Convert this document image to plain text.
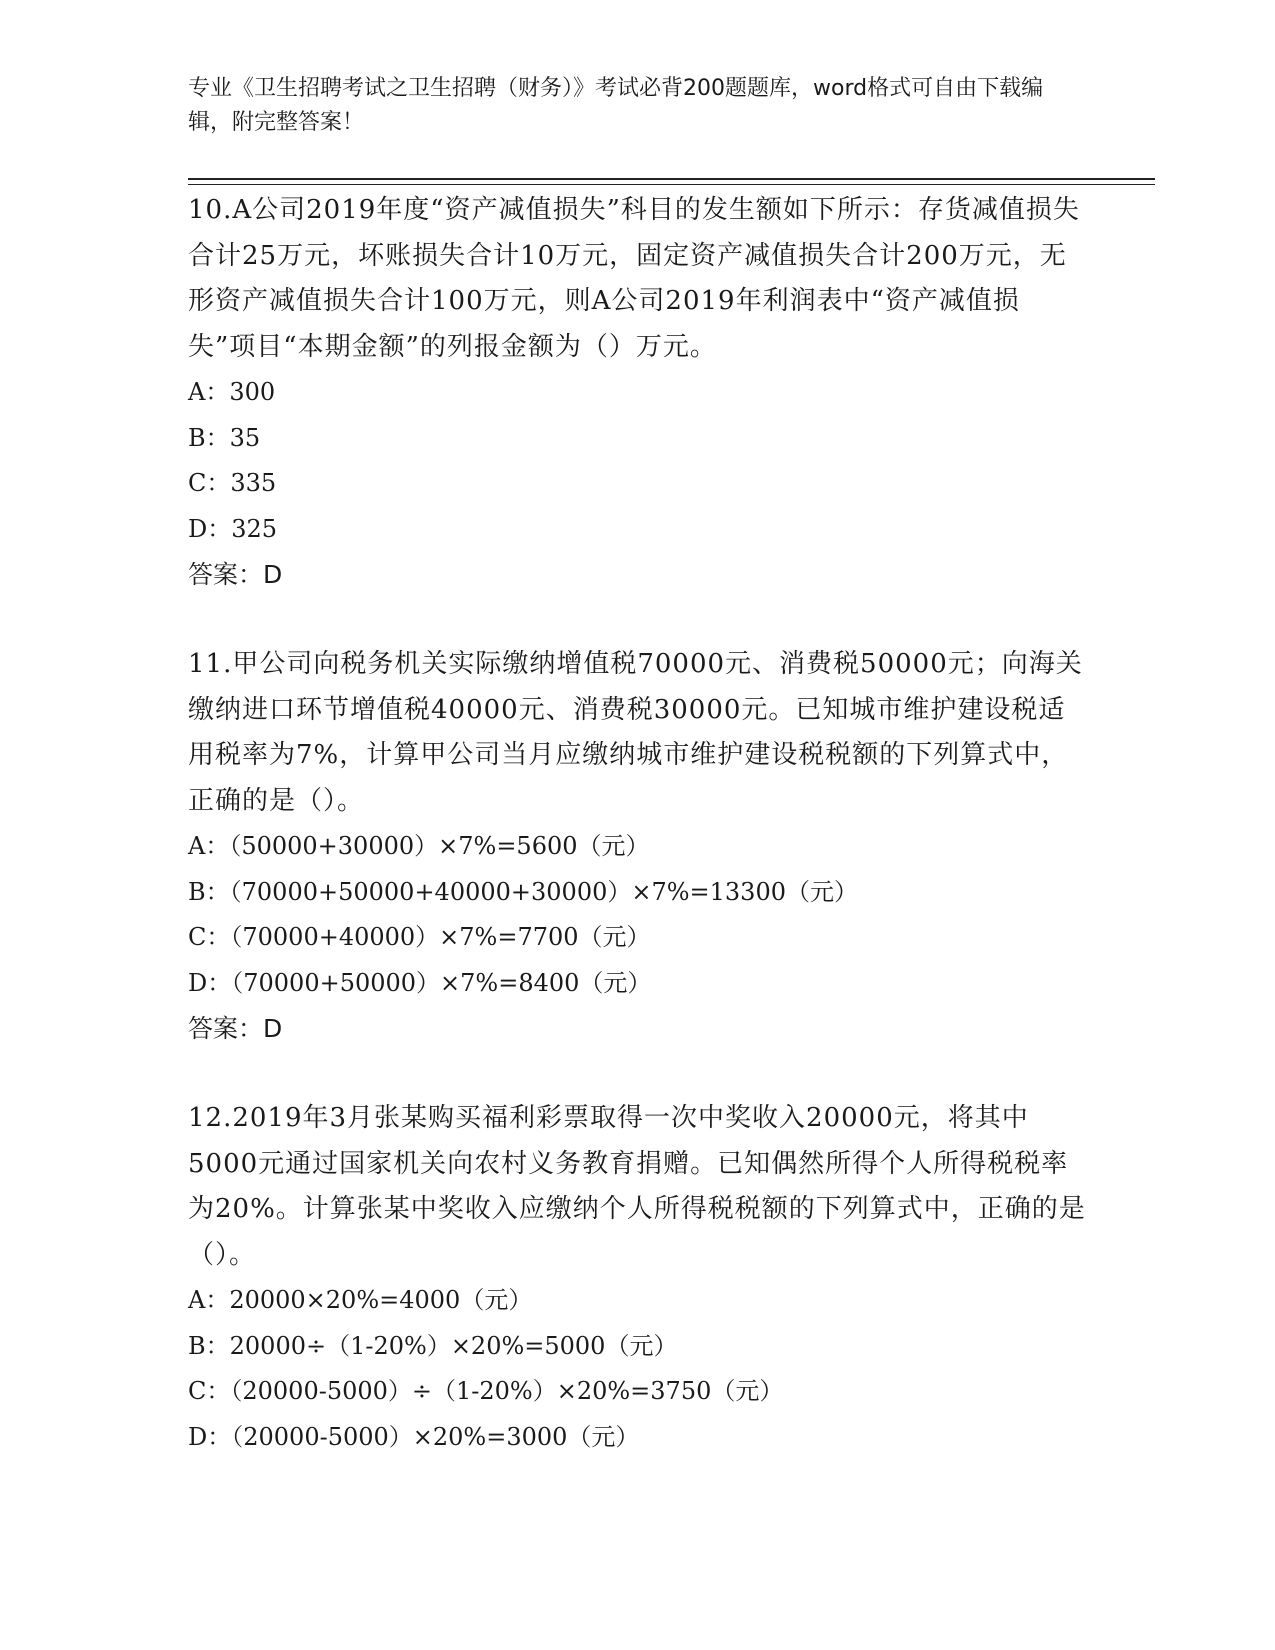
专业《卫生招聘考试之卫生招聘（财务）》考试必背200题题库，word格式可自由下载编辑，附完整答案！

10.A公司2019年度“资产减值损失”科目的发生额如下所示：存货减值损失合计25万元，坏账损失合计10万元，固定资产减值损失合计200万元，无形资产减值损失合计100万元，则A公司2019年利润表中“资产减值损失”项目“本期金额”的列报金额为（）万元。

A：300
B：35
C：335
D：325
答案：D

11.甲公司向税务机关实际缴纳增值税70000元、消费税50000元；向海关缴纳进口环节增值税40000元、消费税30000元。已知城市维护建设税适用税率为7%，计算甲公司当月应缴纳城市维护建设税税额的下列算式中，正确的是（）。

A：（50000+30000）×7%=5600（元）
B：（70000+50000+40000+30000）×7%=13300（元）
C：（70000+40000）×7%=7700（元）
D：（70000+50000）×7%=8400（元）
答案：D

12.2019年3月张某购买福利彩票取得一次中奖收入20000元，将其中5000元通过国家机关向农村义务教育捐赠。已知偶然所得个人所得税税率为20%。计算张某中奖收入应缴纳个人所得税税额的下列算式中，正确的是（）。

A：20000×20%=4000（元）
B：20000÷（1-20%）×20%=5000（元）
C：（20000-5000）÷（1-20%）×20%=3750（元）
D：（20000-5000）×20%=3000（元）
